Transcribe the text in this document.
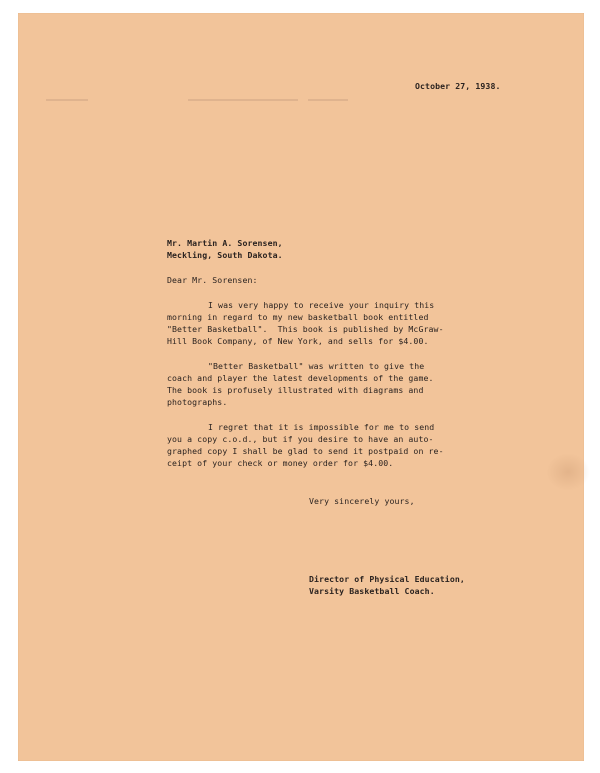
October 27, 1938.

Mr. Martin A. Sorensen,

Meckling, South Dakota.

Dear Mr. Sorensen:

I was very happy to receive your inquiry this

morning in regard to my new basketball book entitled

"Better Basketball".  This book is published by McGraw-

Hill Book Company, of New York, and sells for $4.00.

"Better Basketball" was written to give the

coach and player the latest developments of the game.

The book is profusely illustrated with diagrams and

photographs.

I regret that it is impossible for me to send

you a copy c.o.d., but if you desire to have an auto-

graphed copy I shall be glad to send it postpaid on re-

ceipt of your check or money order for $4.00.

Very sincerely yours,

Director of Physical Education,

Varsity Basketball Coach.
